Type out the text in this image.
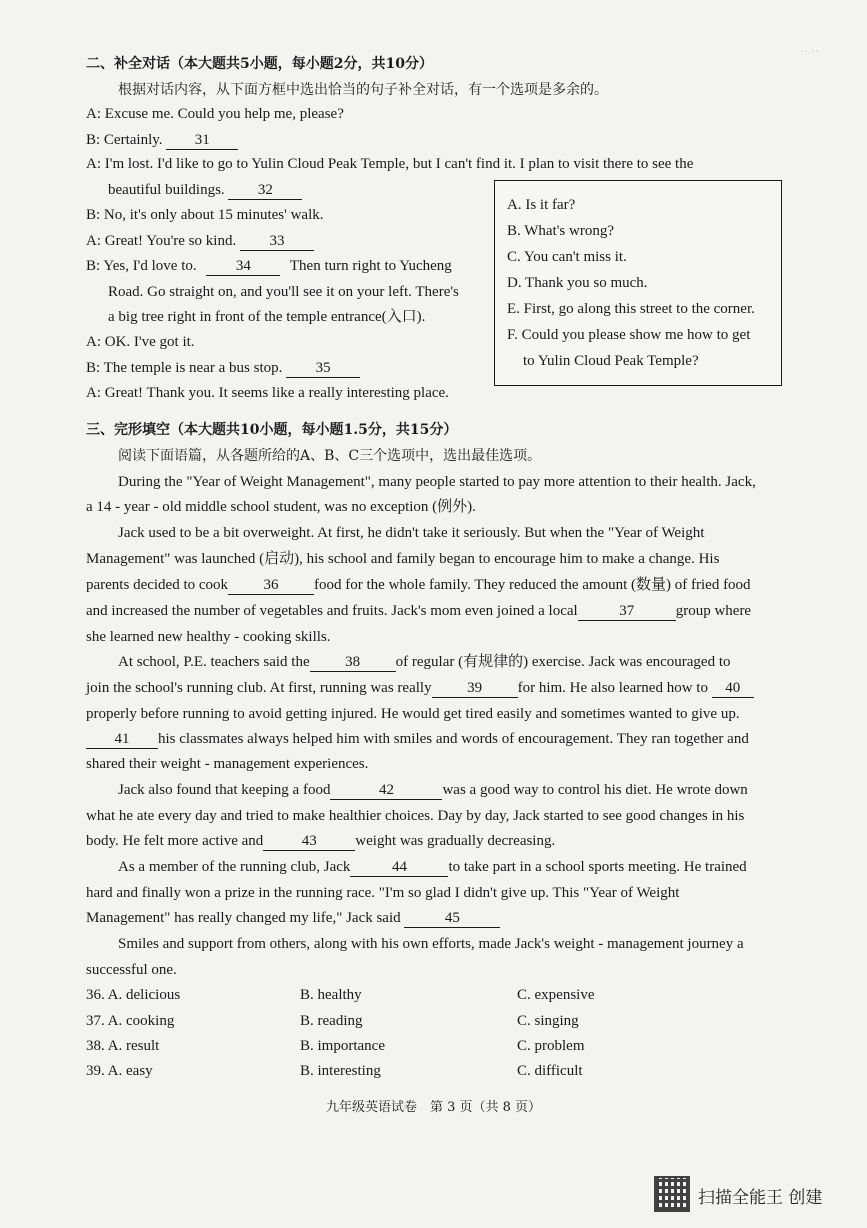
·· ··
二、补全对话（本大题共5小题，每小题2分，共10分）
根据对话内容，从下面方框中选出恰当的句子补全对话，有一个选项是多余的。
A: Excuse me. Could you help me, please?
B: Certainly. 31
A: I'm lost. I'd like to go to Yulin Cloud Peak Temple, but I can't find it. I plan to visit there to see the
beautiful buildings. 32
B: No, it's only about 15 minutes' walk.
A: Great! You're so kind. 33
B: Yes, I'd love to.	34	Then turn right to Yucheng
Road. Go straight on, and you'll see it on your left. There's
a big tree right in front of the temple entrance(入口).
A: OK. I've got it.
B: The temple is near a bus stop. 35
A: Great! Thank you. It seems like a really interesting place.
A. Is it far?
B. What's wrong?
C. You can't miss it.
D. Thank you so much.
E. First, go along this street to the corner.
F. Could you please show me how to get
to Yulin Cloud Peak Temple?
三、完形填空（本大题共10小题，每小题1.5分，共15分）
阅读下面语篇，从各题所给的A、B、C三个选项中，选出最佳选项。
During the "Year of Weight Management", many people started to pay more attention to their health. Jack,
a 14 - year - old middle school student, was no exception (例外).
Jack used to be a bit overweight. At first, he didn't take it seriously. But when the "Year of Weight
Management" was launched (启动), his school and family began to encourage him to make a change. His
parents decided to cook 36 food for the whole family. They reduced the amount (数量) of fried food
and increased the number of vegetables and fruits. Jack's mom even joined a local	37	group where
she learned new healthy - cooking skills.
At school, P.E. teachers said the 38 of regular (有规律的) exercise. Jack was encouraged to
join the school's running club. At first, running was really 39 for him. He also learned how to 40
properly before running to avoid getting injured. He would get tired easily and sometimes wanted to give up.
41 his classmates always helped him with smiles and words of encouragement. They ran together and
shared their weight - management experiences.
Jack also found that keeping a food	42	was a good way to control his diet. He wrote down
what he ate every day and tried to make healthier choices. Day by day, Jack started to see good changes in his
body. He felt more active and	43	weight was gradually decreasing.
As a member of the running club, Jack	44	to take part in a school sports meeting. He trained
hard and finally won a prize in the running race. "I'm so glad I didn't give up. This "Year of Weight
Management" has really changed my life," Jack said	45
Smiles and support from others, along with his own efforts, made Jack's weight - management journey a
successful one.
36. A. delicious	B. healthy	C. expensive
37. A. cooking	B. reading	C. singing
38. A. result	B. importance	C. problem
39. A. easy	B. interesting	C. difficult
九年级英语试卷　第 3 页（共 8 页）
扫描全能王 创建
